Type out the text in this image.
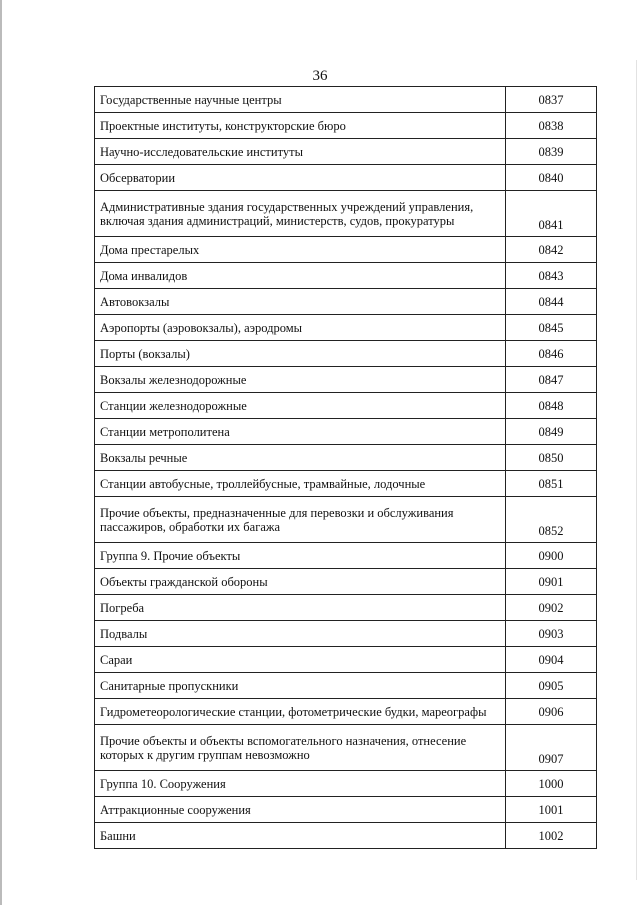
36
Государственные научные центры	0837
Проектные институты, конструкторские бюро	0838
Научно-исследовательские институты	0839
Обсерватории	0840
Административные здания государственных учреждений управления, включая здания администраций, министерств, судов, прокуратуры	0841
Дома престарелых	0842
Дома инвалидов	0843
Автовокзалы	0844
Аэропорты (аэровокзалы), аэродромы	0845
Порты (вокзалы)	0846
Вокзалы железнодорожные	0847
Станции железнодорожные	0848
Станции метрополитена	0849
Вокзалы речные	0850
Станции автобусные, троллейбусные, трамвайные, лодочные	0851
Прочие объекты, предназначенные для перевозки и обслуживания пассажиров, обработки их багажа	0852
Группа 9. Прочие объекты	0900
Объекты гражданской обороны	0901
Погреба	0902
Подвалы	0903
Сараи	0904
Санитарные пропускники	0905
Гидрометеорологические станции, фотометрические будки, мареографы	0906
Прочие объекты и объекты вспомогательного назначения, отнесение которых к другим группам невозможно	0907
Группа 10. Сооружения	1000
Аттракционные сооружения	1001
Башни	1002
